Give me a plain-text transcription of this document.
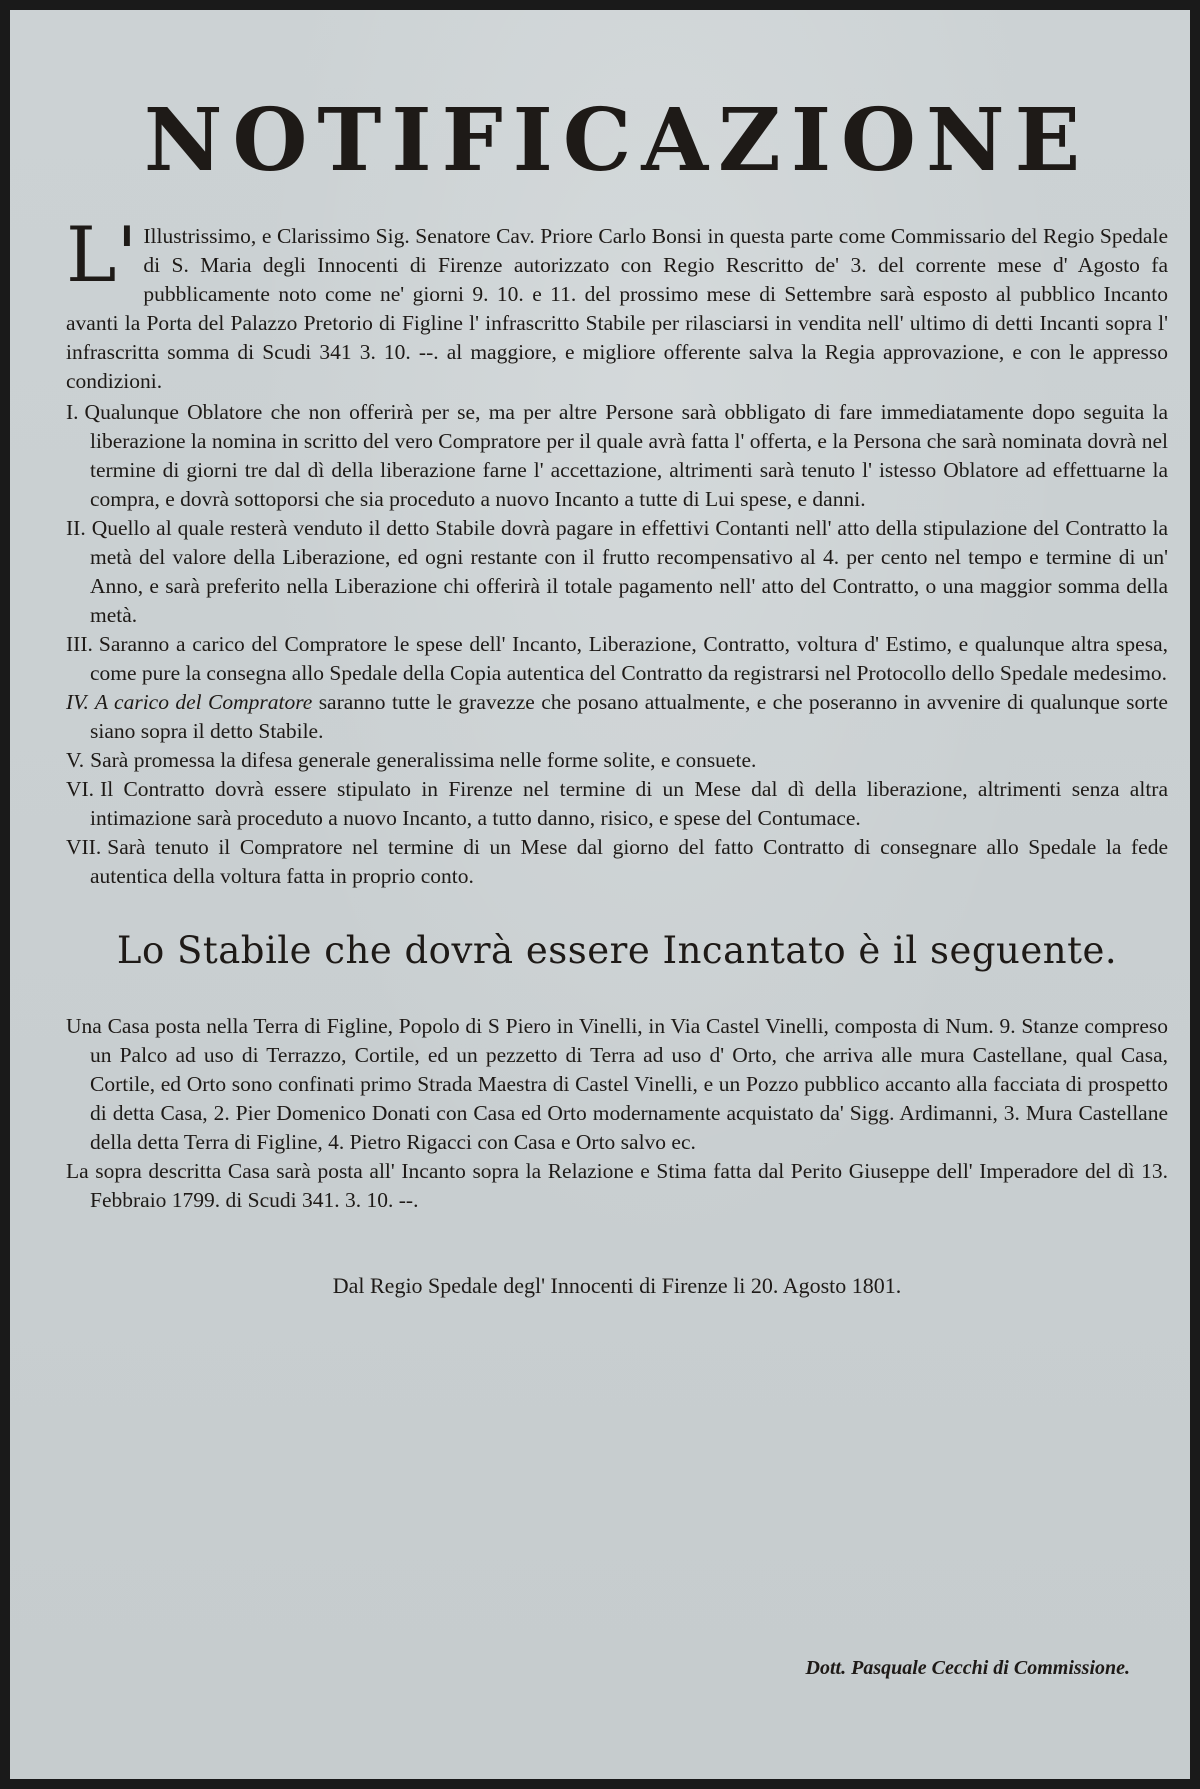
NOTIFICAZIONE

L' Illustrissimo, e Clarissimo Sig. Senatore Cav. Priore Carlo Bonsi in questa parte come Commissario del Regio Spedale di S. Maria degli Innocenti di Firenze autorizzato con Regio Rescritto de' 3. del corrente mese d' Agosto fa pubblicamente noto come ne' giorni 9. 10. e 11. del prossimo mese di Settembre sarà esposto al pubblico Incanto avanti la Porta del Palazzo Pretorio di Figline l' infrascritto Stabile per rilasciarsi in vendita nell' ultimo di detti Incanti sopra l' infrascritta somma di Scudi 341 3. 10. --. al maggiore, e migliore offerente salva la Regia approvazione, e con le appresso condizioni.

I. Qualunque Oblatore che non offerirà per se, ma per altre Persone sarà obbligato di fare immediatamente dopo seguita la liberazione la nomina in scritto del vero Compratore per il quale avrà fatta l' offerta, e la Persona che sarà nominata dovrà nel termine di giorni tre dal dì della liberazione farne l' accettazione, altrimenti sarà tenuto l' istesso Oblatore ad effettuarne la compra, e dovrà sottoporsi che sia proceduto a nuovo Incanto a tutte di Lui spese, e danni.

II. Quello al quale resterà venduto il detto Stabile dovrà pagare in effettivi Contanti nell' atto della stipulazione del Contratto la metà del valore della Liberazione, ed ogni restante con il frutto recompensativo al 4. per cento nel tempo e termine di un' Anno, e sarà preferito nella Liberazione chi offerirà il totale pagamento nell' atto del Contratto, o una maggior somma della metà.

III. Saranno a carico del Compratore le spese dell' Incanto, Liberazione, Contratto, voltura d' Estimo, e qualunque altra spesa, come pure la consegna allo Spedale della Copia autentica del Contratto da registrarsi nel Protocollo dello Spedale medesimo.

IV. A carico del Compratore saranno tutte le gravezze che posano attualmente, e che poseranno in avvenire di qualunque sorte siano sopra il detto Stabile.

V. Sarà promessa la difesa generale generalissima nelle forme solite, e consuete.

VI. Il Contratto dovrà essere stipulato in Firenze nel termine di un Mese dal dì della liberazione, altrimenti senza altra intimazione sarà proceduto a nuovo Incanto, a tutto danno, risico, e spese del Contumace.

VII. Sarà tenuto il Compratore nel termine di un Mese dal giorno del fatto Contratto di consegnare allo Spedale la fede autentica della voltura fatta in proprio conto.

Lo Stabile che dovrà essere Incantato è il seguente.

Una Casa posta nella Terra di Figline, Popolo di S Piero in Vinelli, in Via Castel Vinelli, composta di Num. 9. Stanze compreso un Palco ad uso di Terrazzo, Cortile, ed un pezzetto di Terra ad uso d' Orto, che arriva alle mura Castellane, qual Casa, Cortile, ed Orto sono confinati primo Strada Maestra di Castel Vinelli, e un Pozzo pubblico accanto alla facciata di prospetto di detta Casa, 2. Pier Domenico Donati con Casa ed Orto modernamente acquistato da' Sigg. Ardimanni, 3. Mura Castellane della detta Terra di Figline, 4. Pietro Rigacci con Casa e Orto salvo ec.

La sopra descritta Casa sarà posta all' Incanto sopra la Relazione e Stima fatta dal Perito Giuseppe dell' Imperadore del dì 13. Febbraio 1799. di Scudi 341. 3. 10. --.

Dal Regio Spedale degl' Innocenti di Firenze li 20. Agosto 1801.
Dott. Pasquale Cecchi di Commissione.
